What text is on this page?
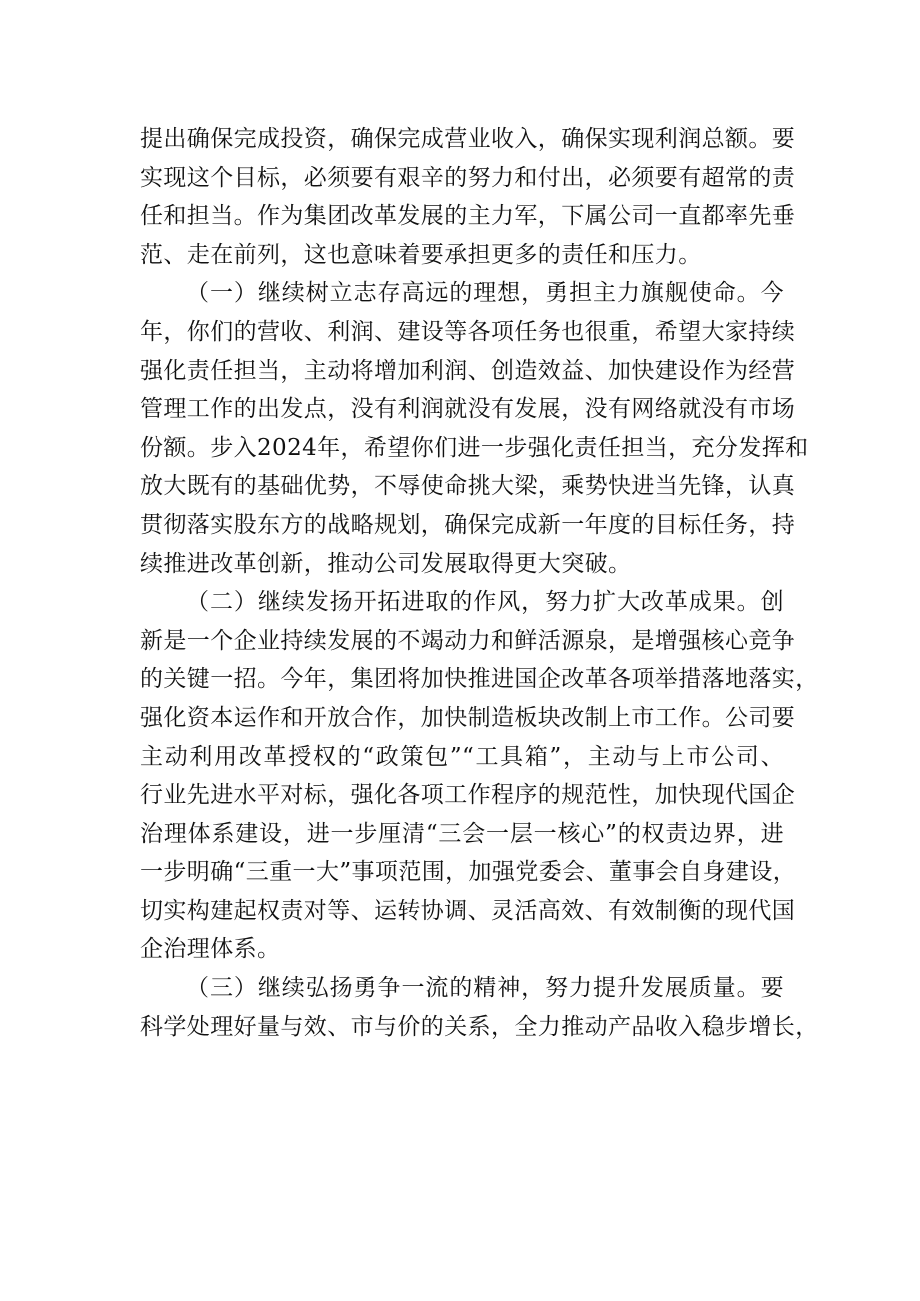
提出确保完成投资，确保完成营业收入，确保实现利润总额。要
实现这个目标，必须要有艰辛的努力和付出，必须要有超常的责
任和担当。作为集团改革发展的主力军，下属公司一直都率先垂
范、走在前列，这也意味着要承担更多的责任和压力。
（一）继续树立志存高远的理想，勇担主力旗舰使命。今
年，你们的营收、利润、建设等各项任务也很重，希望大家持续
强化责任担当，主动将增加利润、创造效益、加快建设作为经营
管理工作的出发点，没有利润就没有发展，没有网络就没有市场
份额。步入2024年，希望你们进一步强化责任担当，充分发挥和
放大既有的基础优势，不辱使命挑大梁，乘势快进当先锋，认真
贯彻落实股东方的战略规划，确保完成新一年度的目标任务，持
续推进改革创新，推动公司发展取得更大突破。
（二）继续发扬开拓进取的作风，努力扩大改革成果。创
新是一个企业持续发展的不竭动力和鲜活源泉，是增强核心竞争
的关键一招。今年，集团将加快推进国企改革各项举措落地落实，
强化资本运作和开放合作，加快制造板块改制上市工作。公司要
主动利用改革授权的“政策包”“工具箱”，主动与上市公司、
行业先进水平对标，强化各项工作程序的规范性，加快现代国企
治理体系建设，进一步厘清“三会一层一核心”的权责边界，进
一步明确“三重一大”事项范围，加强党委会、董事会自身建设，
切实构建起权责对等、运转协调、灵活高效、有效制衡的现代国
企治理体系。
（三）继续弘扬勇争一流的精神，努力提升发展质量。要
科学处理好量与效、市与价的关系，全力推动产品收入稳步增长，
